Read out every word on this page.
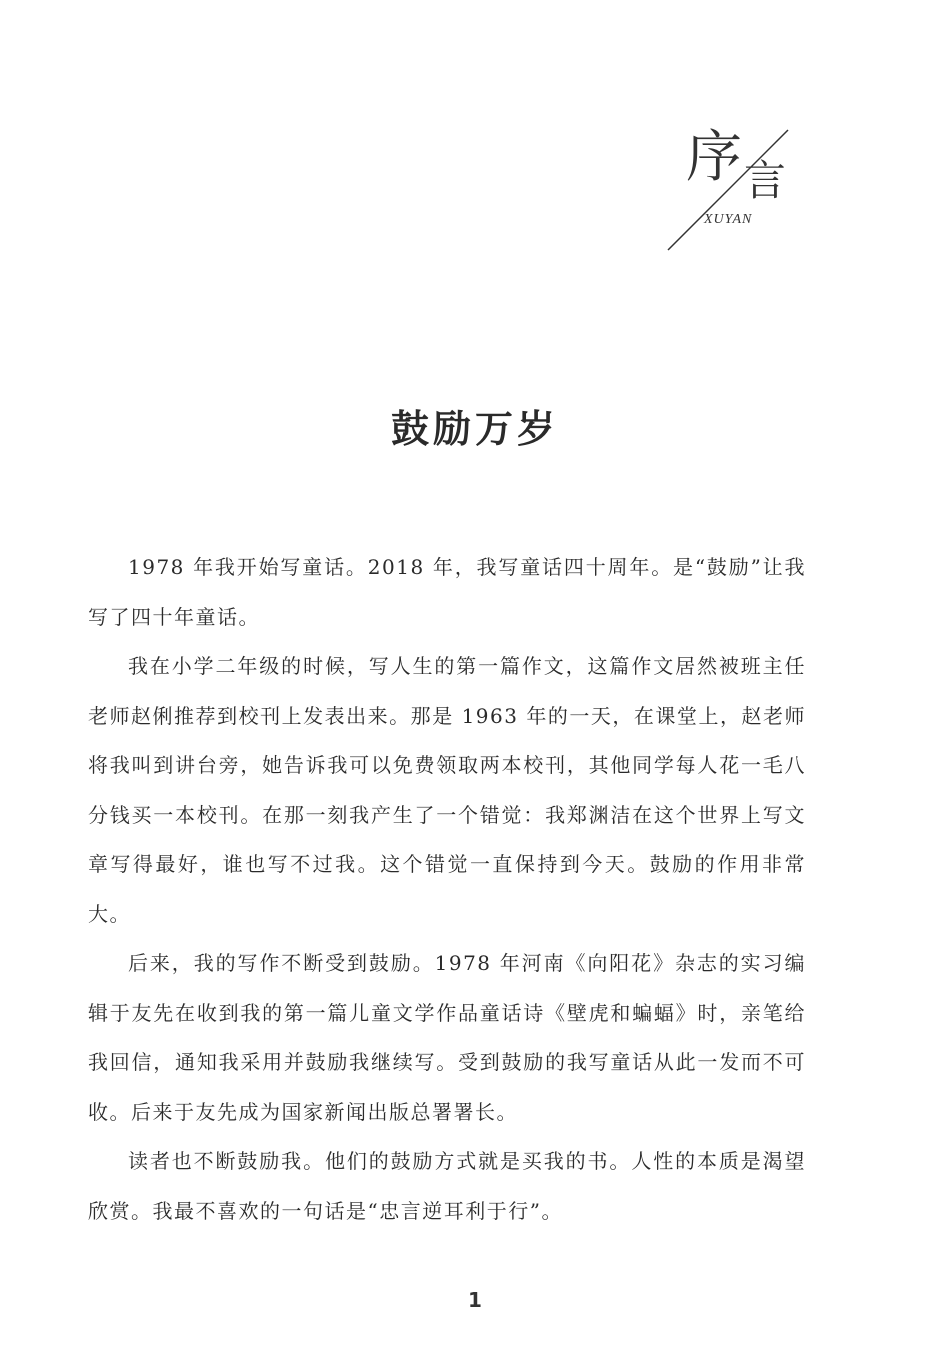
序 言
XUYAN
鼓励万岁

1978 年我开始写童话。2018 年，我写童话四十周年。是“鼓励”让我写了四十年童话。

我在小学二年级的时候，写人生的第一篇作文，这篇作文居然被班主任老师赵俐推荐到校刊上发表出来。那是 1963 年的一天，在课堂上，赵老师将我叫到讲台旁，她告诉我可以免费领取两本校刊，其他同学每人花一毛八分钱买一本校刊。在那一刻我产生了一个错觉：我郑渊洁在这个世界上写文章写得最好，谁也写不过我。这个错觉一直保持到今天。鼓励的作用非常大。

后来，我的写作不断受到鼓励。1978 年河南《向阳花》杂志的实习编辑于友先在收到我的第一篇儿童文学作品童话诗《壁虎和蝙蝠》时，亲笔给我回信，通知我采用并鼓励我继续写。受到鼓励的我写童话从此一发而不可收。后来于友先成为国家新闻出版总署署长。

读者也不断鼓励我。他们的鼓励方式就是买我的书。人性的本质是渴望欣赏。我最不喜欢的一句话是“忠言逆耳利于行”。

1
